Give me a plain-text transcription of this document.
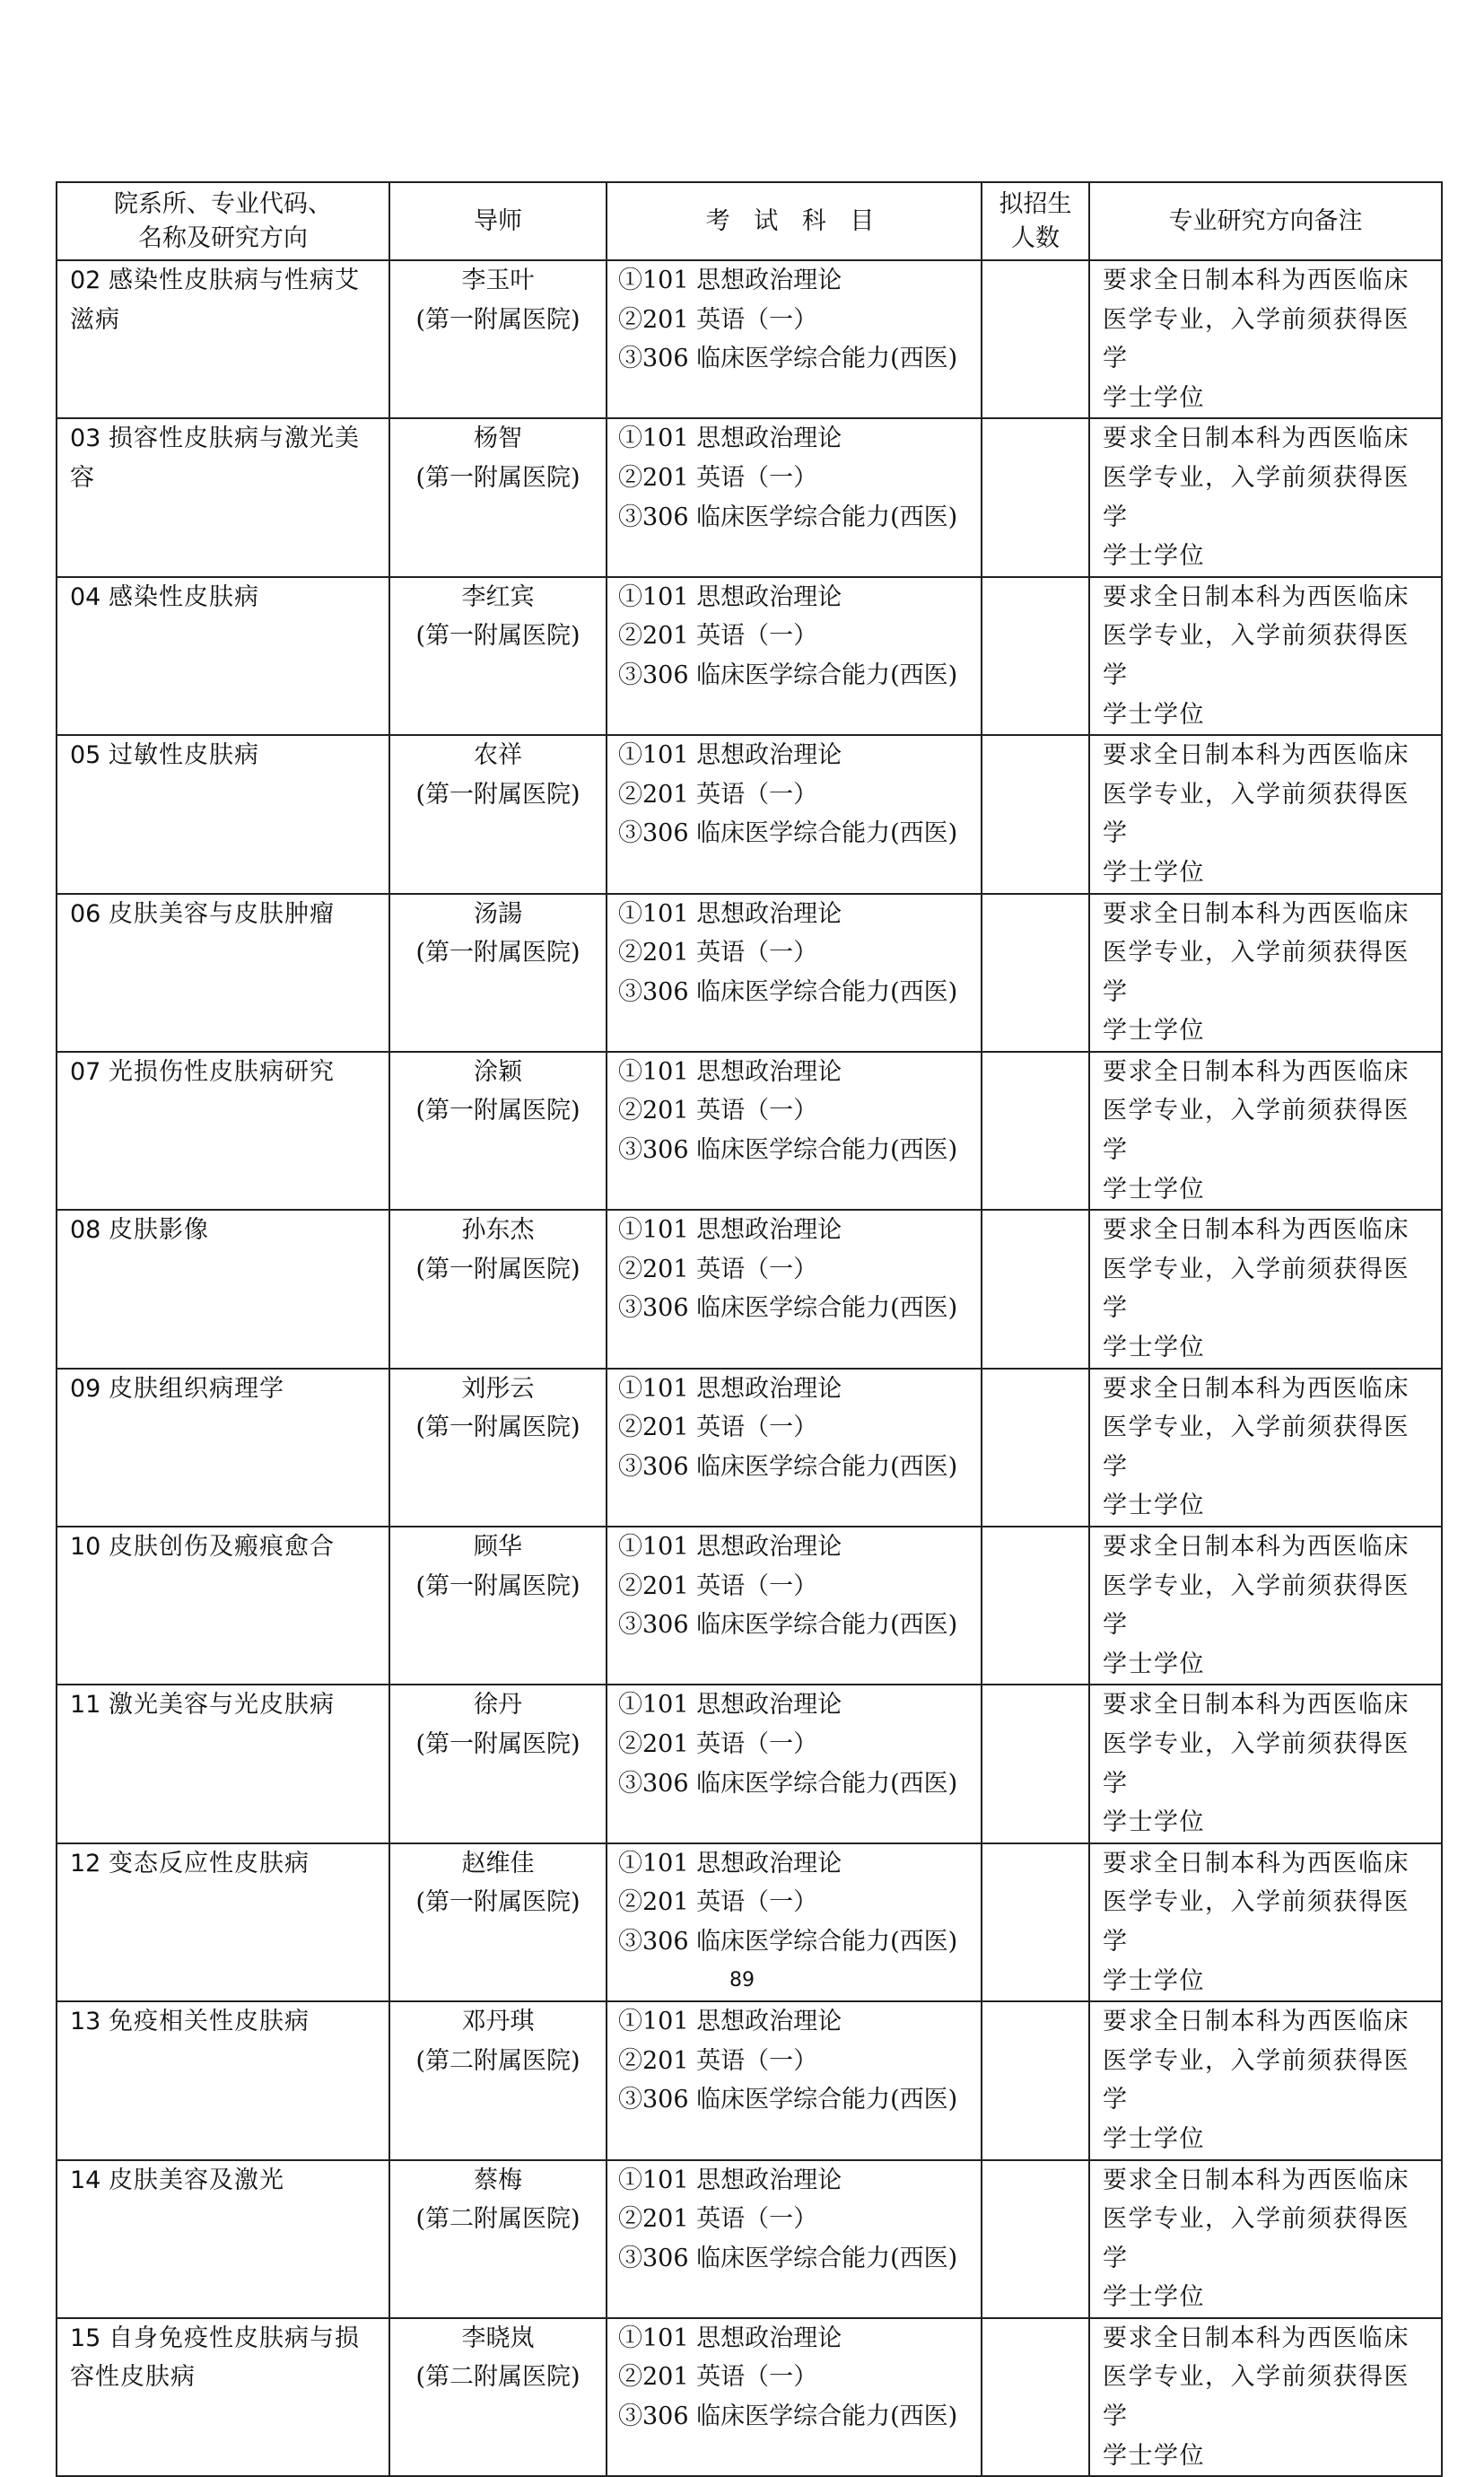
院系所、专业代码、
名称及研究方向	导师	考 试 科 目	拟招生
人数	专业研究方向备注

02 感染性皮肤病与性病艾
滋病	李玉叶
(第一附属医院)	①101 思想政治理论
②201 英语（一）
③306 临床医学综合能力(西医)		要求全日制本科为西医临床
医学专业，入学前须获得医学
学士学位

03 损容性皮肤病与激光美
容	杨智
(第一附属医院)	①101 思想政治理论
②201 英语（一）
③306 临床医学综合能力(西医)		要求全日制本科为西医临床
医学专业，入学前须获得医学
学士学位

04 感染性皮肤病	李红宾
(第一附属医院)	①101 思想政治理论
②201 英语（一）
③306 临床医学综合能力(西医)		要求全日制本科为西医临床
医学专业，入学前须获得医学
学士学位

05 过敏性皮肤病	农祥
(第一附属医院)	①101 思想政治理论
②201 英语（一）
③306 临床医学综合能力(西医)		要求全日制本科为西医临床
医学专业，入学前须获得医学
学士学位

06 皮肤美容与皮肤肿瘤	汤諹
(第一附属医院)	①101 思想政治理论
②201 英语（一）
③306 临床医学综合能力(西医)		要求全日制本科为西医临床
医学专业，入学前须获得医学
学士学位

07 光损伤性皮肤病研究	涂颖
(第一附属医院)	①101 思想政治理论
②201 英语（一）
③306 临床医学综合能力(西医)		要求全日制本科为西医临床
医学专业，入学前须获得医学
学士学位

08 皮肤影像	孙东杰
(第一附属医院)	①101 思想政治理论
②201 英语（一）
③306 临床医学综合能力(西医)		要求全日制本科为西医临床
医学专业，入学前须获得医学
学士学位

09 皮肤组织病理学	刘彤云
(第一附属医院)	①101 思想政治理论
②201 英语（一）
③306 临床医学综合能力(西医)		要求全日制本科为西医临床
医学专业，入学前须获得医学
学士学位

10 皮肤创伤及瘢痕愈合	顾华
(第一附属医院)	①101 思想政治理论
②201 英语（一）
③306 临床医学综合能力(西医)		要求全日制本科为西医临床
医学专业，入学前须获得医学
学士学位

11 激光美容与光皮肤病	徐丹
(第一附属医院)	①101 思想政治理论
②201 英语（一）
③306 临床医学综合能力(西医)		要求全日制本科为西医临床
医学专业，入学前须获得医学
学士学位

12 变态反应性皮肤病	赵维佳
(第一附属医院)	①101 思想政治理论
②201 英语（一）
③306 临床医学综合能力(西医)		要求全日制本科为西医临床
医学专业，入学前须获得医学
学士学位

13 免疫相关性皮肤病	邓丹琪
(第二附属医院)	①101 思想政治理论
②201 英语（一）
③306 临床医学综合能力(西医)		要求全日制本科为西医临床
医学专业，入学前须获得医学
学士学位

14 皮肤美容及激光	蔡梅
(第二附属医院)	①101 思想政治理论
②201 英语（一）
③306 临床医学综合能力(西医)		要求全日制本科为西医临床
医学专业，入学前须获得医学
学士学位

15 自身免疫性皮肤病与损
容性皮肤病	李晓岚
(第二附属医院)	①101 思想政治理论
②201 英语（一）
③306 临床医学综合能力(西医)		要求全日制本科为西医临床
医学专业，入学前须获得医学
学士学位
89
